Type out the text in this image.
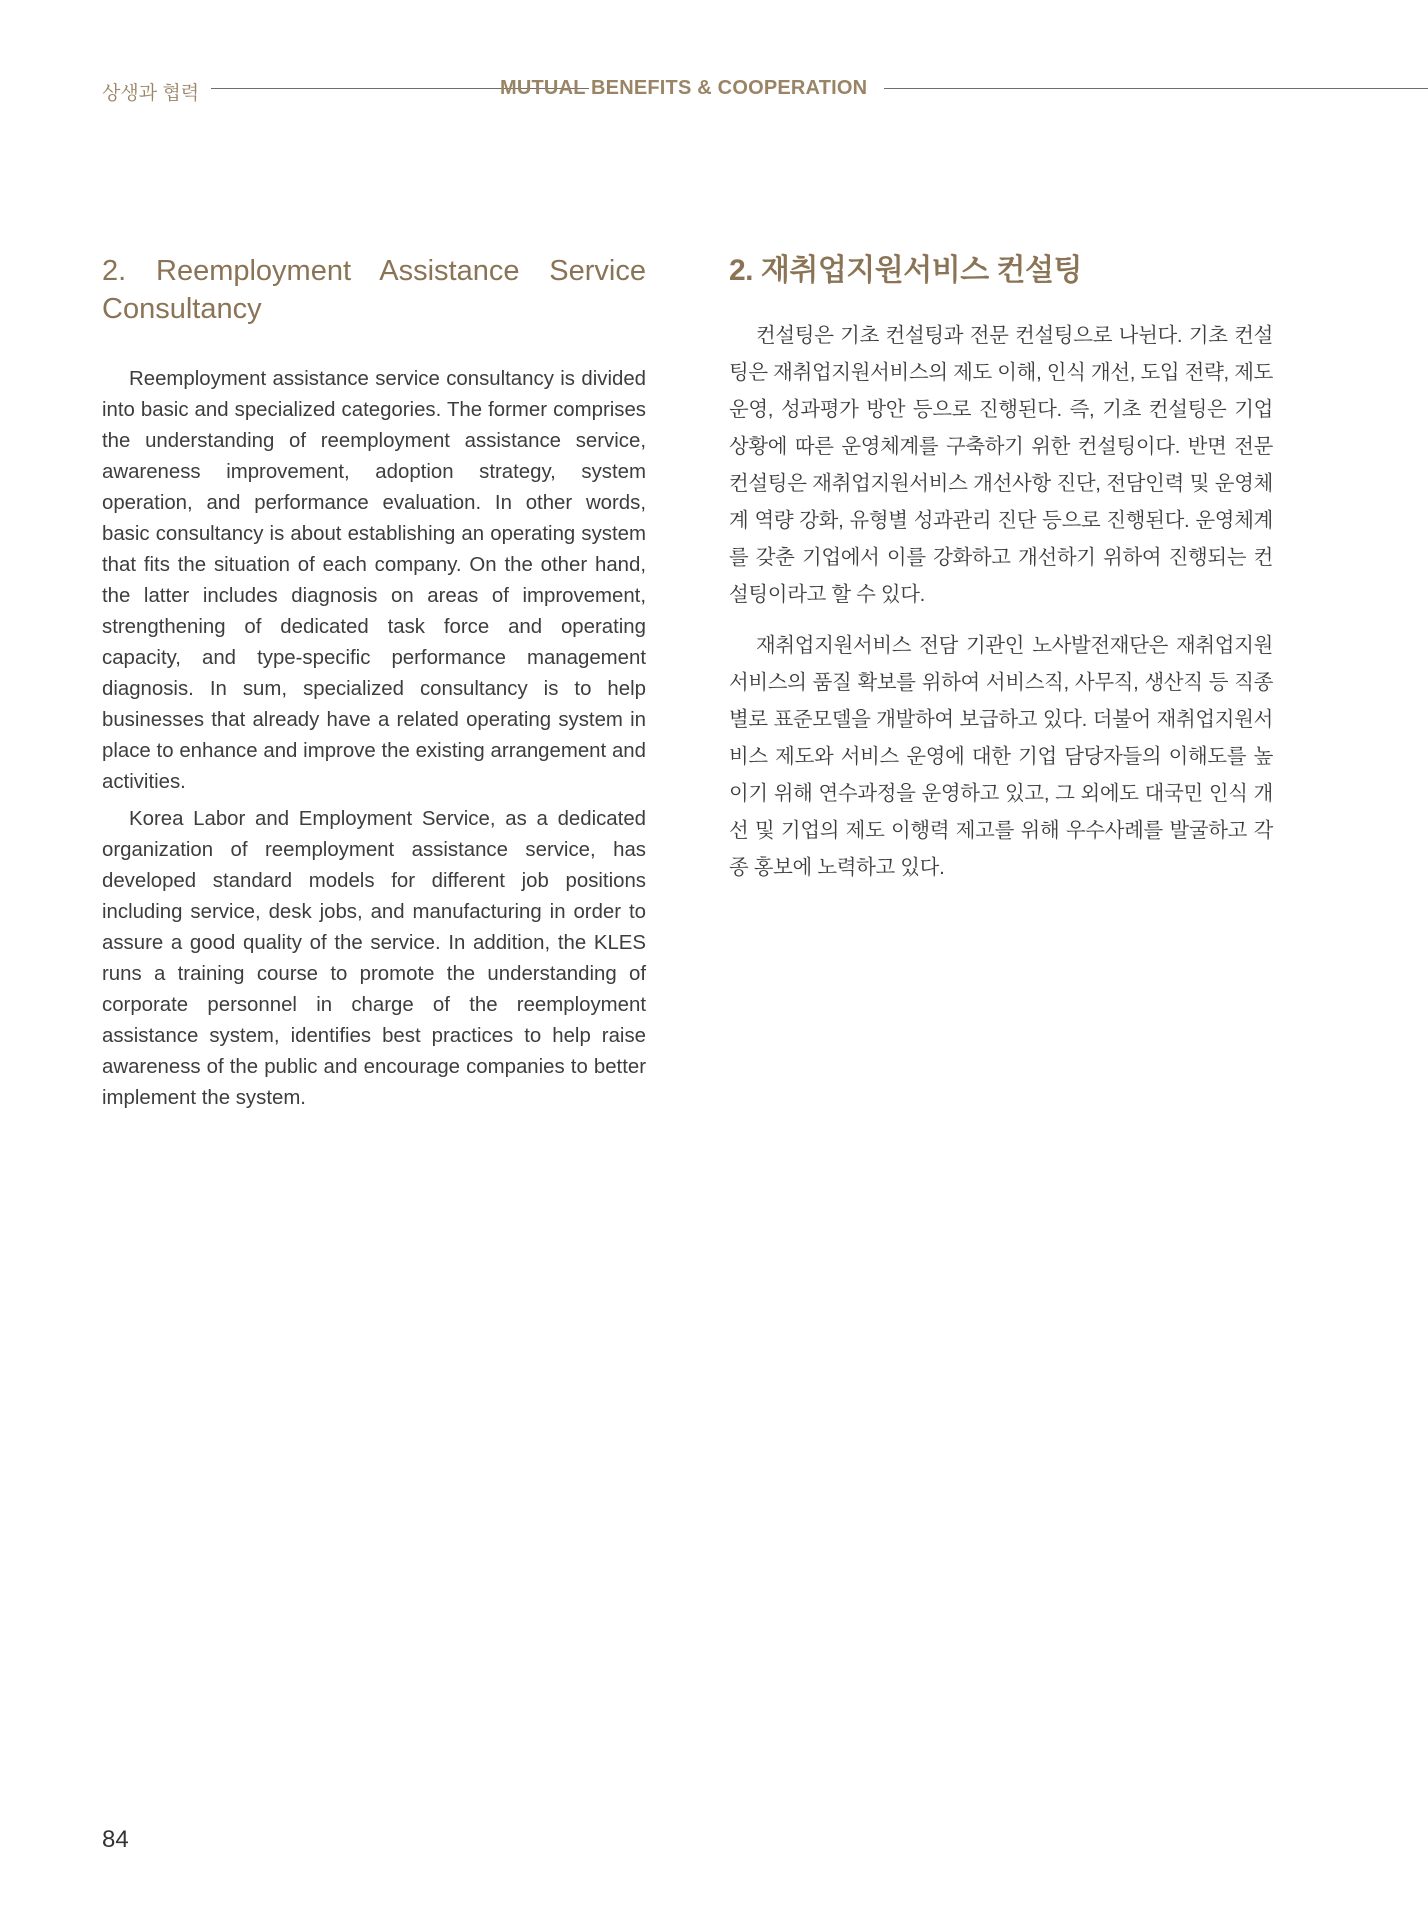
상생과 협력	MUTUAL BENEFITS & COOPERATION
2. Reemployment Assistance Service Consultancy

Reemployment assistance service consultancy is divided into basic and specialized categories. The former comprises the understanding of reemployment assistance service, awareness improvement, adoption strategy, system operation, and performance evaluation. In other words, basic consultancy is about establishing an operating system that fits the situation of each company. On the other hand, the latter includes diagnosis on areas of improvement, strengthening of dedicated task force and operating capacity, and type-specific performance management diagnosis. In sum, specialized consultancy is to help businesses that already have a related operating system in place to enhance and improve the existing arrangement and activities.

Korea Labor and Employment Service, as a dedicated organization of reemployment assistance service, has developed standard models for different job positions including service, desk jobs, and manufacturing in order to assure a good quality of the service. In addition, the KLES runs a training course to promote the understanding of corporate personnel in charge of the reemployment assistance system, identifies best practices to help raise awareness of the public and encourage companies to better implement the system.

2. 재취업지원서비스 컨설팅

컨설팅은 기초 컨설팅과 전문 컨설팅으로 나뉜다. 기초 컨설팅은 재취업지원서비스의 제도 이해, 인식 개선, 도입 전략, 제도 운영, 성과평가 방안 등으로 진행된다. 즉, 기초 컨설팅은 기업 상황에 따른 운영체계를 구축하기 위한 컨설팅이다. 반면 전문 컨설팅은 재취업지원서비스 개선사항 진단, 전담인력 및 운영체계 역량 강화, 유형별 성과관리 진단 등으로 진행된다. 운영체계를 갖춘 기업에서 이를 강화하고 개선하기 위하여 진행되는 컨설팅이라고 할 수 있다.

재취업지원서비스 전담 기관인 노사발전재단은 재취업지원서비스의 품질 확보를 위하여 서비스직, 사무직, 생산직 등 직종별로 표준모델을 개발하여 보급하고 있다. 더불어 재취업지원서비스 제도와 서비스 운영에 대한 기업 담당자들의 이해도를 높이기 위해 연수과정을 운영하고 있고, 그 외에도 대국민 인식 개선 및 기업의 제도 이행력 제고를 위해 우수사례를 발굴하고 각종 홍보에 노력하고 있다.

84
